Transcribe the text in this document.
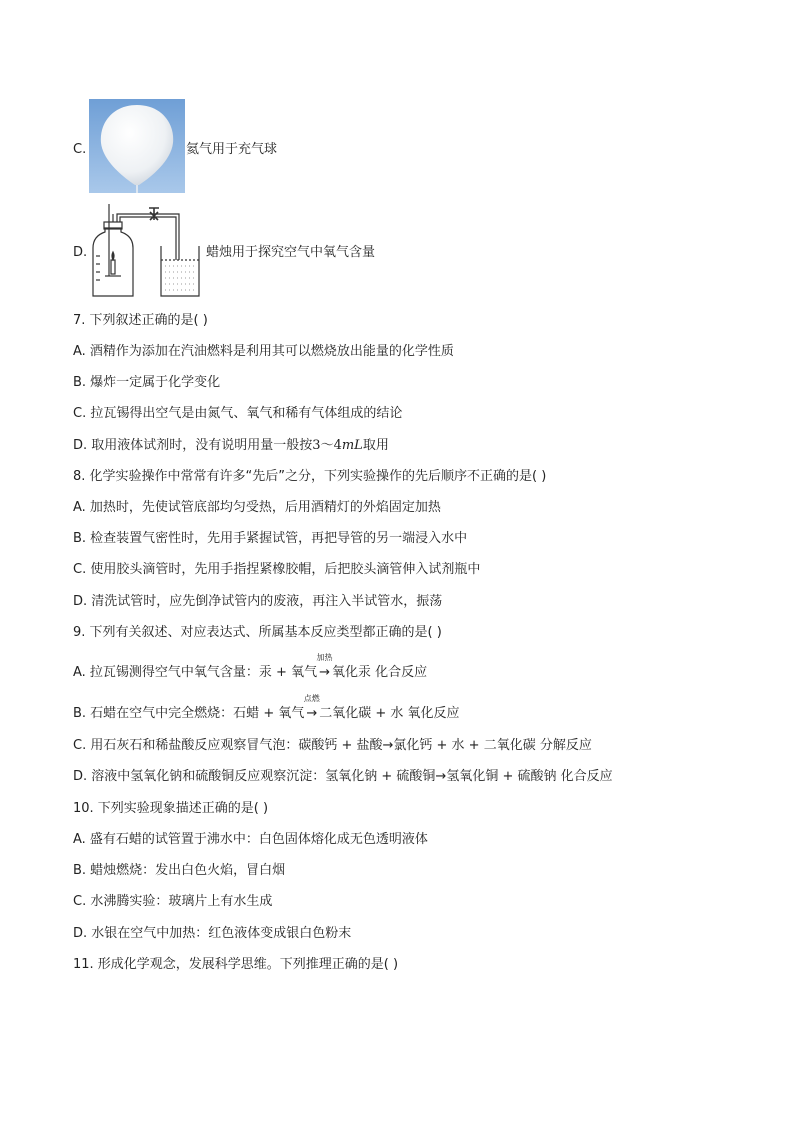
C.	氦气用于充气球
D.	蜡烛用于探究空气中氧气含量
7. 下列叙述正确的是( )
A. 酒精作为添加在汽油燃料是利用其可以燃烧放出能量的化学性质
B. 爆炸一定属于化学变化
C. 拉瓦锡得出空气是由氮气、氧气和稀有气体组成的结论
D. 取用液体试剂时，没有说明用量一般按3～4mL取用
8. 化学实验操作中常常有许多“先后”之分，下列实验操作的先后顺序不正确的是( )
A. 加热时，先使试管底部均匀受热，后用酒精灯的外焰固定加热
B. 检查装置气密性时，先用手紧握试管，再把导管的另一端浸入水中
C. 使用胶头滴管时，先用手指捏紧橡胶帽，后把胶头滴管伸入试剂瓶中
D. 清洗试管时，应先倒净试管内的废液，再注入半试管水，振荡
9. 下列有关叙述、对应表达式、所属基本反应类型都正确的是( )
A. 拉瓦锡测得空气中氧气含量：汞 + 氧气
加热
→ 氧化汞 化合反应
B. 石蜡在空气中完全燃烧：石蜡 + 氧气
点燃
→ 二氧化碳 + 水 氧化反应
C. 用石灰石和稀盐酸反应观察冒气泡：碳酸钙 + 盐酸→氯化钙 + 水 + 二氧化碳 分解反应
D. 溶液中氢氧化钠和硫酸铜反应观察沉淀：氢氧化钠 + 硫酸铜→氢氧化铜 + 硫酸钠 化合反应
10. 下列实验现象描述正确的是( )
A. 盛有石蜡的试管置于沸水中：白色固体熔化成无色透明液体
B. 蜡烛燃烧：发出白色火焰，冒白烟
C. 水沸腾实验：玻璃片上有水生成
D. 水银在空气中加热：红色液体变成银白色粉末
11. 形成化学观念，发展科学思维。下列推理正确的是( )
